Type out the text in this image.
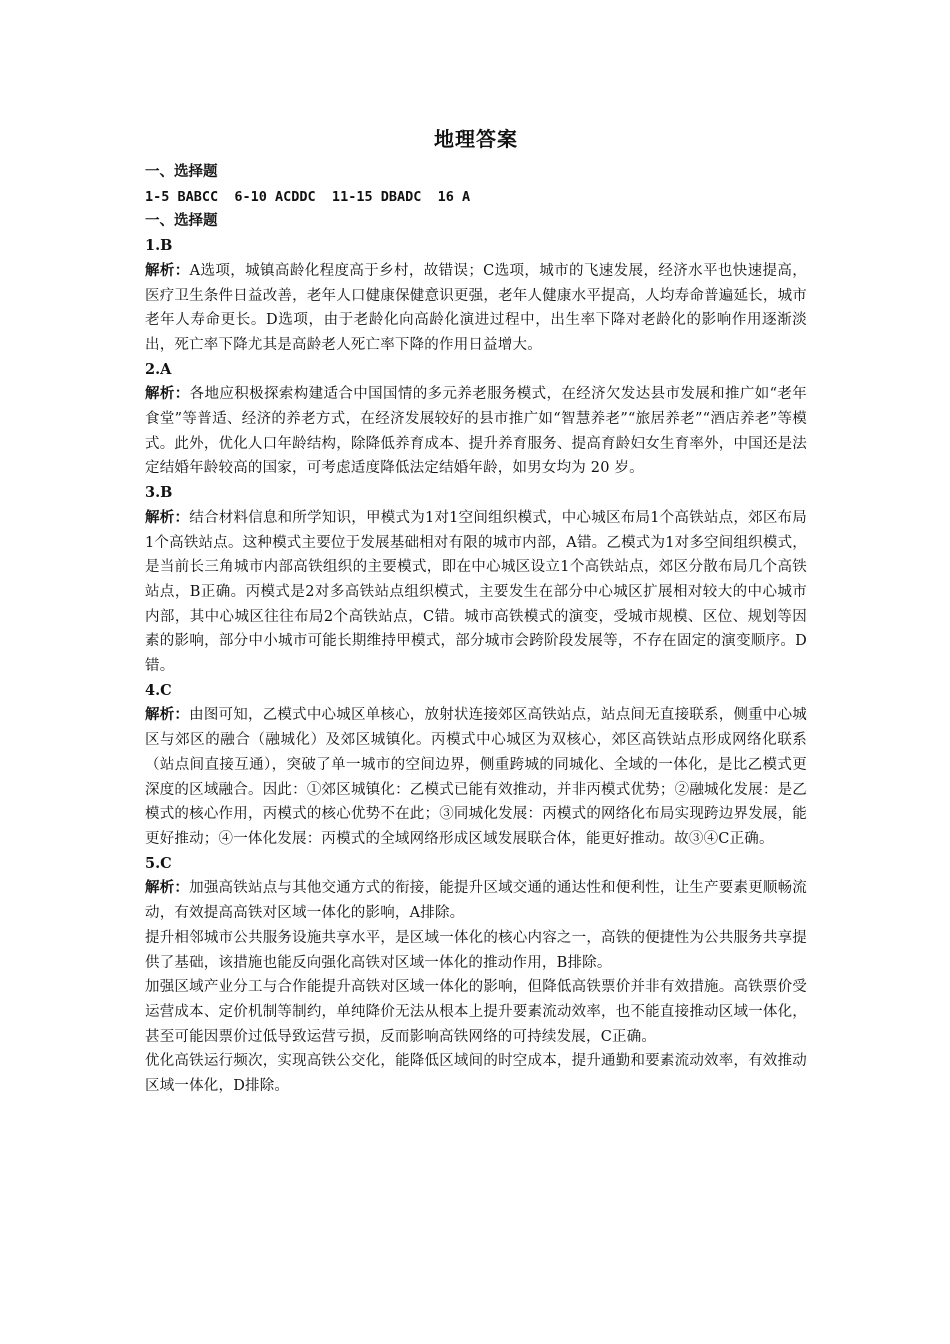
地理答案

一、选择题

1-5 BABCC  6-10 ACDDC  11-15 DBADC  16 A

一、选择题

1.B

解析：A选项，城镇高龄化程度高于乡村，故错误；C选项，城市的飞速发展，经济水平也快速提高，医疗卫生条件日益改善，老年人口健康保健意识更强，老年人健康水平提高，人均寿命普遍延长，城市老年人寿命更长。D选项，由于老龄化向高龄化演进过程中，出生率下降对老龄化的影响作用逐渐淡出，死亡率下降尤其是高龄老人死亡率下降的作用日益增大。

2.A

解析：各地应积极探索构建适合中国国情的多元养老服务模式，在经济欠发达县市发展和推广如“老年食堂”等普适、经济的养老方式，在经济发展较好的县市推广如“智慧养老”“旅居养老”“酒店养老”等模式。此外，优化人口年龄结构，除降低养育成本、提升养育服务、提高育龄妇女生育率外，中国还是法定结婚年龄较高的国家，可考虑适度降低法定结婚年龄，如男女均为 20 岁。

3.B

解析：结合材料信息和所学知识，甲模式为1对1空间组织模式，中心城区布局1个高铁站点，郊区布局1个高铁站点。这种模式主要位于发展基础相对有限的城市内部，A错。乙模式为1对多空间组织模式，是当前长三角城市内部高铁组织的主要模式，即在中心城区设立1个高铁站点，郊区分散布局几个高铁站点，B正确。丙模式是2对多高铁站点组织模式，主要发生在部分中心城区扩展相对较大的中心城市内部，其中心城区往往布局2个高铁站点，C错。城市高铁模式的演变，受城市规模、区位、规划等因素的影响，部分中小城市可能长期维持甲模式，部分城市会跨阶段发展等，不存在固定的演变顺序。D错。

4.C

解析：由图可知，乙模式中心城区单核心，放射状连接郊区高铁站点，站点间无直接联系，侧重中心城区与郊区的融合（融城化）及郊区城镇化。丙模式中心城区为双核心，郊区高铁站点形成网络化联系（站点间直接互通），突破了单一城市的空间边界，侧重跨城的同城化、全域的一体化，是比乙模式更深度的区域融合。因此：①郊区城镇化：乙模式已能有效推动，并非丙模式优势；②融城化发展：是乙模式的核心作用，丙模式的核心优势不在此；③同城化发展：丙模式的网络化布局实现跨边界发展，能更好推动；④一体化发展：丙模式的全域网络形成区域发展联合体，能更好推动。故③④C正确。

5.C

解析：加强高铁站点与其他交通方式的衔接，能提升区域交通的通达性和便利性，让生产要素更顺畅流动，有效提高高铁对区域一体化的影响，A排除。

提升相邻城市公共服务设施共享水平，是区域一体化的核心内容之一，高铁的便捷性为公共服务共享提供了基础，该措施也能反向强化高铁对区域一体化的推动作用，B排除。

加强区域产业分工与合作能提升高铁对区域一体化的影响，但降低高铁票价并非有效措施。高铁票价受运营成本、定价机制等制约，单纯降价无法从根本上提升要素流动效率，也不能直接推动区域一体化，甚至可能因票价过低导致运营亏损，反而影响高铁网络的可持续发展，C正确。

优化高铁运行频次，实现高铁公交化，能降低区域间的时空成本，提升通勤和要素流动效率，有效推动区域一体化，D排除。
